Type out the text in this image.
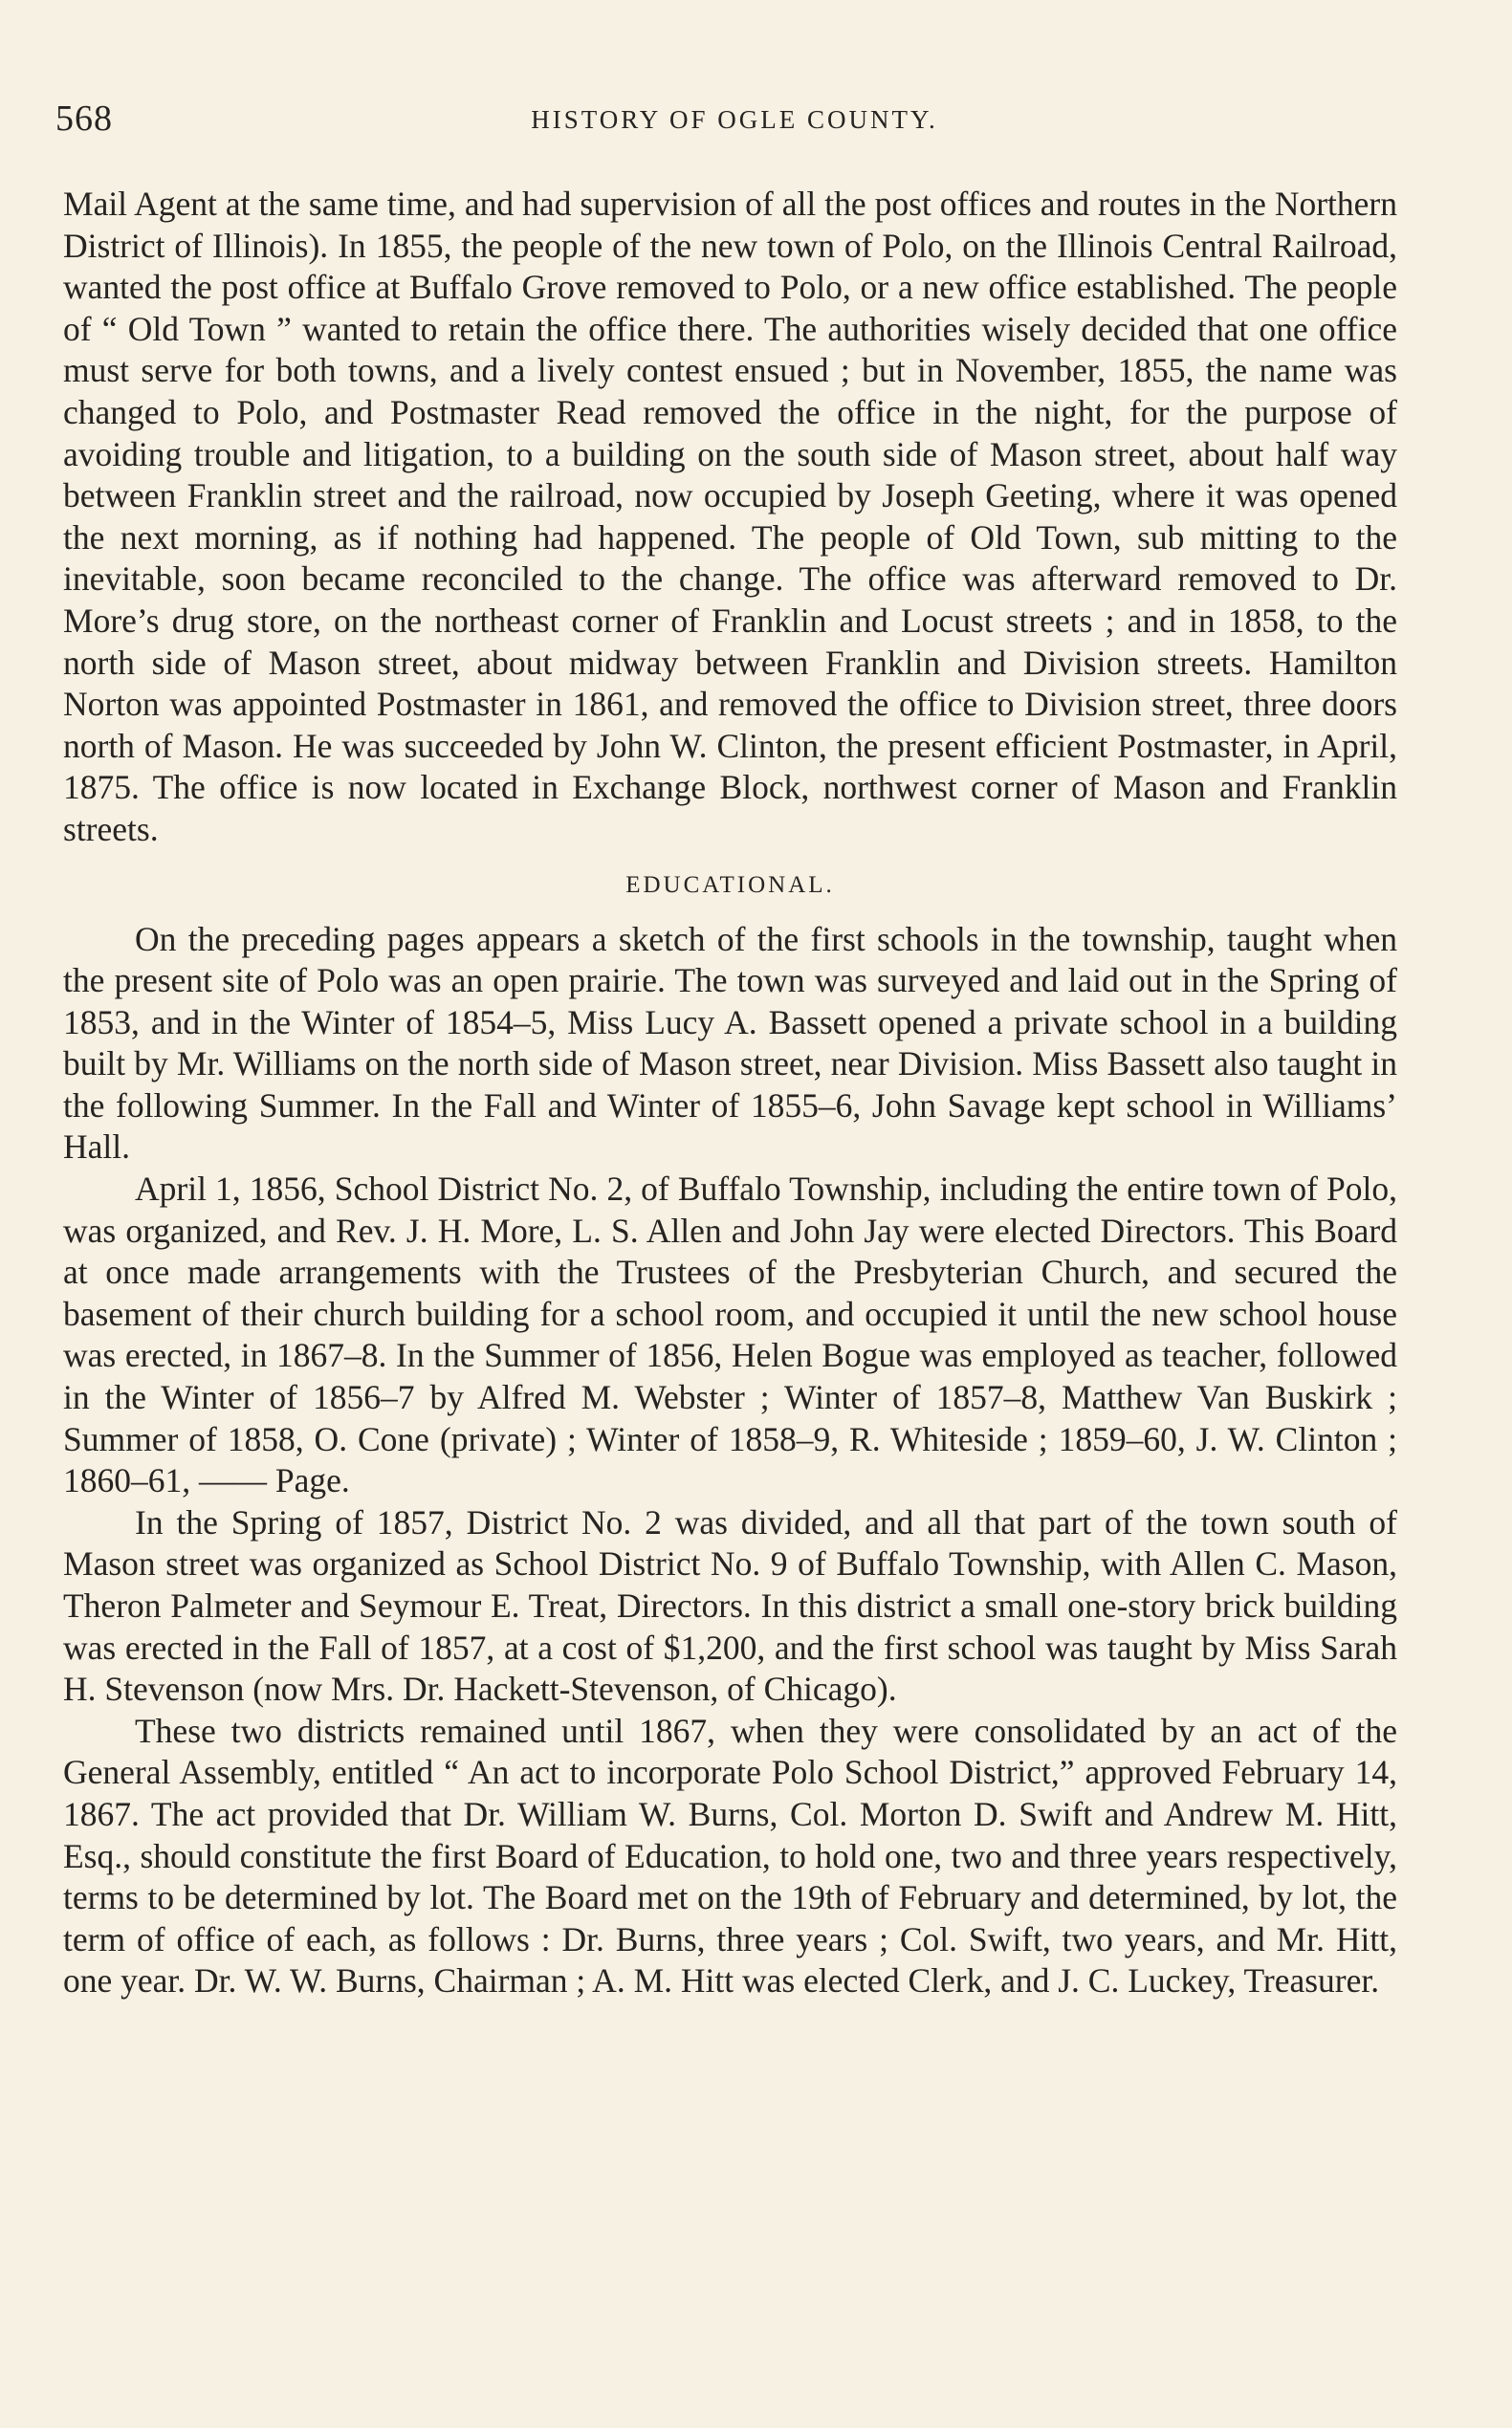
568	HISTORY OF OGLE COUNTY.

Mail Agent at the same time, and had supervision of all the post offices and routes in the Northern District of Illinois). In 1855, the people of the new town of Polo, on the Illinois Central Railroad, wanted the post office at Buffalo Grove removed to Polo, or a new office established. The people of “ Old Town ” wanted to retain the office there. The authorities wisely decided that one office must serve for both towns, and a lively contest ensued ; but in November, 1855, the name was changed to Polo, and Postmaster Read removed the office in the night, for the purpose of avoiding trouble and litigation, to a building on the south side of Mason street, about half way between Franklin street and the railroad, now occupied by Joseph Geeting, where it was opened the next morning, as if nothing had happened. The people of Old Town, sub mitting to the inevitable, soon became reconciled to the change. The office was afterward removed to Dr. More’s drug store, on the northeast corner of Franklin and Locust streets ; and in 1858, to the north side of Mason street, about midway between Franklin and Division streets. Hamilton Norton was appointed Postmaster in 1861, and removed the office to Division street, three doors north of Mason. He was succeeded by John W. Clinton, the present efficient Postmaster, in April, 1875. The office is now located in Exchange Block, northwest corner of Mason and Franklin streets.

EDUCATIONAL.

On the preceding pages appears a sketch of the first schools in the township, taught when the present site of Polo was an open prairie. The town was surveyed and laid out in the Spring of 1853, and in the Winter of 1854–5, Miss Lucy A. Bassett opened a private school in a building built by Mr. Williams on the north side of Mason street, near Division. Miss Bassett also taught in the following Summer. In the Fall and Winter of 1855–6, John Savage kept school in Williams’ Hall.

April 1, 1856, School District No. 2, of Buffalo Township, including the entire town of Polo, was organized, and Rev. J. H. More, L. S. Allen and John Jay were elected Directors. This Board at once made arrangements with the Trustees of the Presbyterian Church, and secured the basement of their church building for a school room, and occupied it until the new school house was erected, in 1867–8. In the Summer of 1856, Helen Bogue was employed as teacher, followed in the Winter of 1856–7 by Alfred M. Webster ; Winter of 1857–8, Matthew Van Buskirk ; Summer of 1858, O. Cone (private) ; Winter of 1858–9, R. Whiteside ; 1859–60, J. W. Clinton ; 1860–61, —— Page.

In the Spring of 1857, District No. 2 was divided, and all that part of the town south of Mason street was organized as School District No. 9 of Buffalo Township, with Allen C. Mason, Theron Palmeter and Seymour E. Treat, Directors. In this district a small one-story brick building was erected in the Fall of 1857, at a cost of $1,200, and the first school was taught by Miss Sarah H. Stevenson (now Mrs. Dr. Hackett-Stevenson, of Chicago).

These two districts remained until 1867, when they were consolidated by an act of the General Assembly, entitled “ An act to incorporate Polo School District,” approved February 14, 1867. The act provided that Dr. William W. Burns, Col. Morton D. Swift and Andrew M. Hitt, Esq., should constitute the first Board of Education, to hold one, two and three years respectively, terms to be determined by lot. The Board met on the 19th of February and determined, by lot, the term of office of each, as follows : Dr. Burns, three years ; Col. Swift, two years, and Mr. Hitt, one year. Dr. W. W. Burns, Chairman ; A. M. Hitt was elected Clerk, and J. C. Luckey, Treasurer.
